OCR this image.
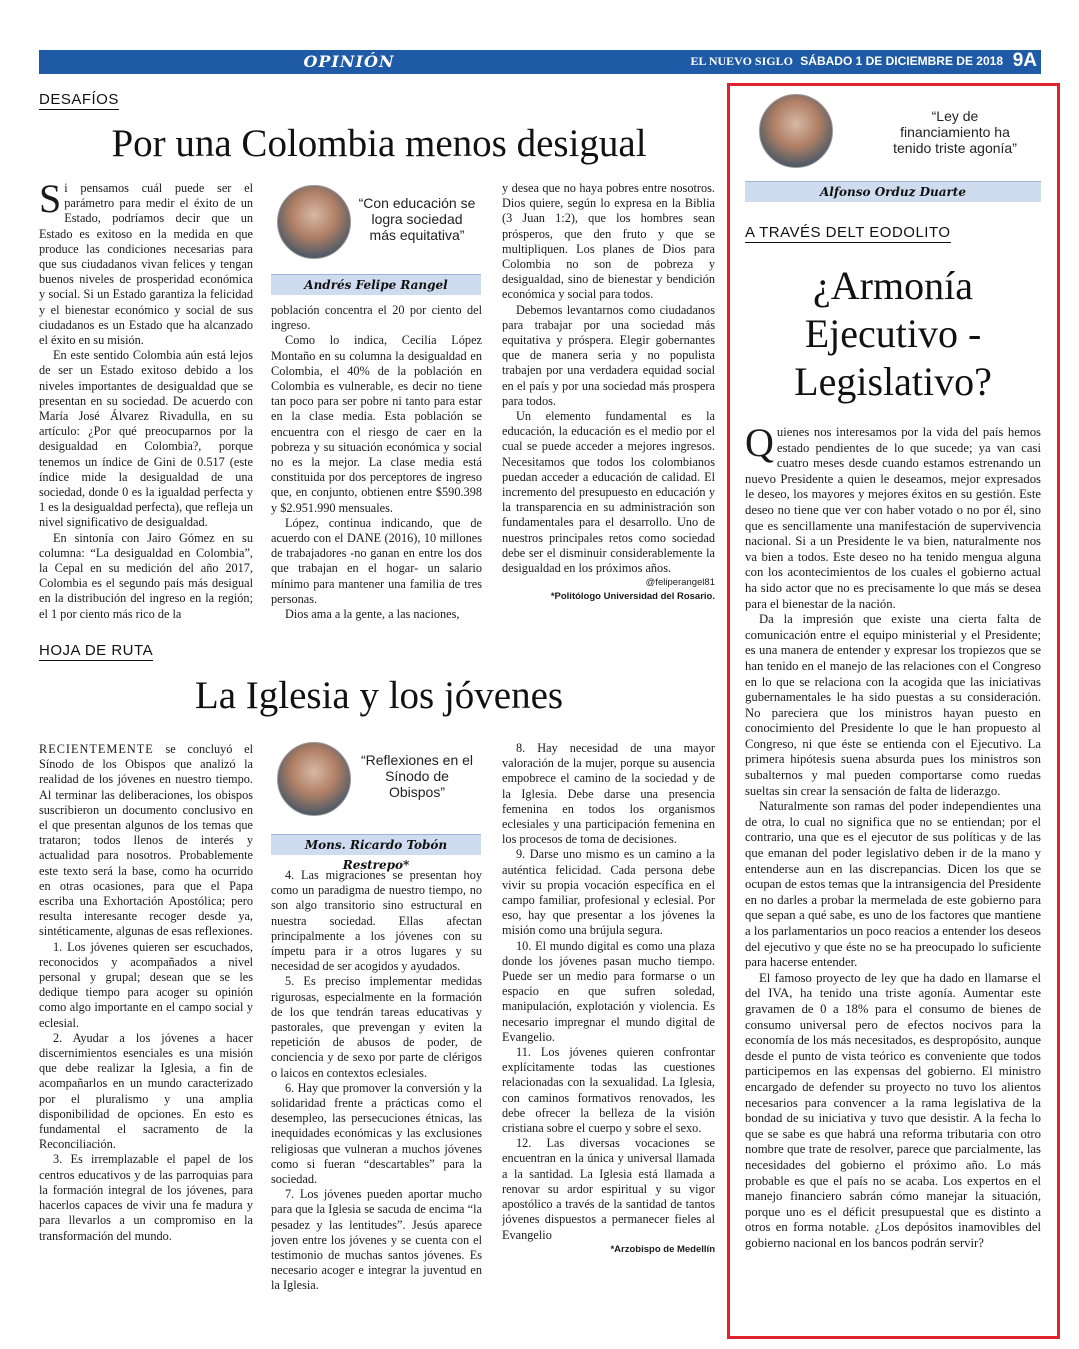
OPINIÓN	EL NUEVO SIGLO SÁBADO 1 DE DICIEMBRE DE 2018 9A
DESAFÍOS
Por una Colombia menos desigual

Si pensamos cuál puede ser el parámetro para medir el éxito de un Estado, podríamos decir que un Estado es exitoso en la medida en que produce las condiciones necesarias para que sus ciudadanos vivan felices y tengan buenos niveles de prosperidad económica y social. Si un Estado garantiza la felicidad y el bienestar económico y social de sus ciudadanos es un Estado que ha alcanzado el éxito en su misión.

En este sentido Colombia aún está lejos de ser un Estado exitoso debido a los niveles importantes de desigualdad que se presentan en su sociedad. De acuerdo con María José Álvarez Rivadulla, en su artículo: ¿Por qué preocuparnos por la desigualdad en Colombia?, porque tenemos un índice de Gini de 0.517 (este índice mide la desigualdad de una sociedad, donde 0 es la igualdad perfecta y 1 es la desigualdad perfecta), que refleja un nivel significativo de desigualdad.

En sintonía con Jairo Gómez en su columna: “La desigualdad en Colombia”, la Cepal en su medición del año 2017, Colombia es el segundo país más desigual en la distribución del ingreso en la región; el 1 por ciento más rico de la

“Con educación se logra sociedad más equitativa”
Andrés Felipe Rangel

población concentra el 20 por ciento del ingreso.

Como lo indica, Cecilia López Montaño en su columna la desigualdad en Colombia, el 40% de la población en Colombia es vulnerable, es decir no tiene tan poco para ser pobre ni tanto para estar en la clase media. Esta población se encuentra con el riesgo de caer en la pobreza y su situación económica y social no es la mejor. La clase media está constituida por dos perceptores de ingreso que, en conjunto, obtienen entre $590.398 y $2.951.990 mensuales.

López, continua indicando, que de acuerdo con el DANE (2016), 10 millones de trabajadores -no ganan en entre los dos que trabajan en el hogar- un salario mínimo para mantener una familia de tres personas.

Dios ama a la gente, a las naciones,

y desea que no haya pobres entre nosotros. Dios quiere, según lo expresa en la Biblia (3 Juan 1:2), que los hombres sean prósperos, que den fruto y que se multipliquen. Los planes de Dios para Colombia no son de pobreza y desigualdad, sino de bienestar y bendición económica y social para todos.

Debemos levantarnos como ciudadanos para trabajar por una sociedad más equitativa y próspera. Elegir gobernantes que de manera seria y no populista trabajen por una verdadera equidad social en el país y por una sociedad más prospera para todos.

Un elemento fundamental es la educación, la educación es el medio por el cual se puede acceder a mejores ingresos. Necesitamos que todos los colombianos puedan acceder a educación de calidad. El incremento del presupuesto en educación y la transparencia en su administración son fundamentales para el desarrollo. Uno de nuestros principales retos como sociedad debe ser el disminuir considerablemente la desigualdad en los próximos años.

@feliperangel81
*Politólogo Universidad del Rosario.
HOJA DE RUTA
La Iglesia y los jóvenes

RECIENTEMENTE se concluyó el Sínodo de los Obispos que analizó la realidad de los jóvenes en nuestro tiempo. Al terminar las deliberaciones, los obispos suscribieron un documento conclusivo en el que presentan algunos de los temas que trataron; todos llenos de interés y actualidad para nosotros. Probablemente este texto será la base, como ha ocurrido en otras ocasiones, para que el Papa escriba una Exhortación Apostólica; pero resulta interesante recoger desde ya, sintéticamente, algunas de esas reflexiones.

1. Los jóvenes quieren ser escuchados, reconocidos y acompañados a nivel personal y grupal; desean que se les dedique tiempo para acoger su opinión como algo importante en el campo social y eclesial.

2. Ayudar a los jóvenes a hacer discernimientos esenciales es una misión que debe realizar la Iglesia, a fin de acompañarlos en un mundo caracterizado por el pluralismo y una amplia disponibilidad de opciones. En esto es fundamental el sacramento de la Reconciliación.

3. Es irremplazable el papel de los centros educativos y de las parroquias para la formación integral de los jóvenes, para hacerlos capaces de vivir una fe madura y para llevarlos a un compromiso en la transformación del mundo.

“Reflexiones en el Sínodo de Obispos”
Mons. Ricardo Tobón Restrepo*

4. Las migraciones se presentan hoy como un paradigma de nuestro tiempo, no son algo transitorio sino estructural en nuestra sociedad. Ellas afectan principalmente a los jóvenes con su ímpetu para ir a otros lugares y su necesidad de ser acogidos y ayudados.

5. Es preciso implementar medidas rigurosas, especialmente en la formación de los que tendrán tareas educativas y pastorales, que prevengan y eviten la repetición de abusos de poder, de conciencia y de sexo por parte de clérigos o laicos en contextos eclesiales.

6. Hay que promover la conversión y la solidaridad frente a prácticas como el desempleo, las persecuciones étnicas, las inequidades económicas y las exclusiones religiosas que vulneran a muchos jóvenes como si fueran “descartables” para la sociedad.

7. Los jóvenes pueden aportar mucho para que la Iglesia se sacuda de encima “la pesadez y las lentitudes”. Jesús aparece joven entre los jóvenes y se cuenta con el testimonio de muchas santos jóvenes. Es necesario acoger e integrar la juventud en la Iglesia.

8. Hay necesidad de una mayor valoración de la mujer, porque su ausencia empobrece el camino de la sociedad y de la Iglesia. Debe darse una presencia femenina en todos los organismos eclesiales y una participación femenina en los procesos de toma de decisiones.

9. Darse uno mismo es un camino a la auténtica felicidad. Cada persona debe vivir su propia vocación específica en el campo familiar, profesional y eclesial. Por eso, hay que presentar a los jóvenes la misión como una brújula segura.

10. El mundo digital es como una plaza donde los jóvenes pasan mucho tiempo. Puede ser un medio para formarse o un espacio en que sufren soledad, manipulación, explotación y violencia. Es necesario impregnar el mundo digital de Evangelio.

11. Los jóvenes quieren confrontar explícitamente todas las cuestiones relacionadas con la sexualidad. La Iglesia, con caminos formativos renovados, les debe ofrecer la belleza de la visión cristiana sobre el cuerpo y sobre el sexo.

12. Las diversas vocaciones se encuentran en la única y universal llamada a la santidad. La Iglesia está llamada a renovar su ardor espiritual y su vigor apostólico a través de la santidad de tantos jóvenes dispuestos a permanecer fieles al Evangelio

*Arzobispo de Medellín
“Ley de financiamiento ha tenido triste agonía”
Alfonso Orduz Duarte
A TRAVÉS DELT EODOLITO
¿Armonía
Ejecutivo -
Legislativo?

Quienes nos interesamos por la vida del país hemos estado pendientes de lo que sucede; ya van casi cuatro meses desde cuando estamos estrenando un nuevo Presidente a quien le deseamos, mejor expresados le deseo, los mayores y mejores éxitos en su gestión. Este deseo no tiene que ver con haber votado o no por él, sino que es sencillamente una manifestación de supervivencia nacional. Si a un Presidente le va bien, naturalmente nos va bien a todos. Este deseo no ha tenido mengua alguna con los acontecimientos de los cuales el gobierno actual ha sido actor que no es precisamente lo que más se desea para el bienestar de la nación.

Da la impresión que existe una cierta falta de comunicación entre el equipo ministerial y el Presidente; es una manera de entender y expresar los tropiezos que se han tenido en el manejo de las relaciones con el Congreso en lo que se relaciona con la acogida que las iniciativas gubernamentales le ha sido puestas a su consideración. No pareciera que los ministros hayan puesto en conocimiento del Presidente lo que le han propuesto al Congreso, ni que éste se entienda con el Ejecutivo. La primera hipótesis suena absurda pues los ministros son subalternos y mal pueden comportarse como ruedas sueltas sin crear la sensación de falta de liderazgo.

Naturalmente son ramas del poder independientes una de otra, lo cual no significa que no se entiendan; por el contrario, una que es el ejecutor de sus políticas y de las que emanan del poder legislativo deben ir de la mano y entenderse aun en las discrepancias. Dicen los que se ocupan de estos temas que la intransigencia del Presidente en no darles a probar la mermelada de este gobierno para que sepan a qué sabe, es uno de los factores que mantiene a los parlamentarios un poco reacios a entender los deseos del ejecutivo y que éste no se ha preocupado lo suficiente para hacerse entender.

El famoso proyecto de ley que ha dado en llamarse el del IVA, ha tenido una triste agonía. Aumentar este gravamen de 0 a 18% para el consumo de bienes de consumo universal pero de efectos nocivos para la economía de los más necesitados, es despropósito, aunque desde el punto de vista teórico es conveniente que todos participemos en las expensas del gobierno. El ministro encargado de defender su proyecto no tuvo los alientos necesarios para convencer a la rama legislativa de la bondad de su iniciativa y tuvo que desistir. A la fecha lo que se sabe es que habrá una reforma tributaria con otro nombre que trate de resolver, parece que parcialmente, las necesidades del gobierno el próximo año. Lo más probable es que el país no se acaba. Los expertos en el manejo financiero sabrán cómo manejar la situación, porque uno es el déficit presupuestal que es distinto a otros en forma notable. ¿Los depósitos inamovibles del gobierno nacional en los bancos podrán servir?
